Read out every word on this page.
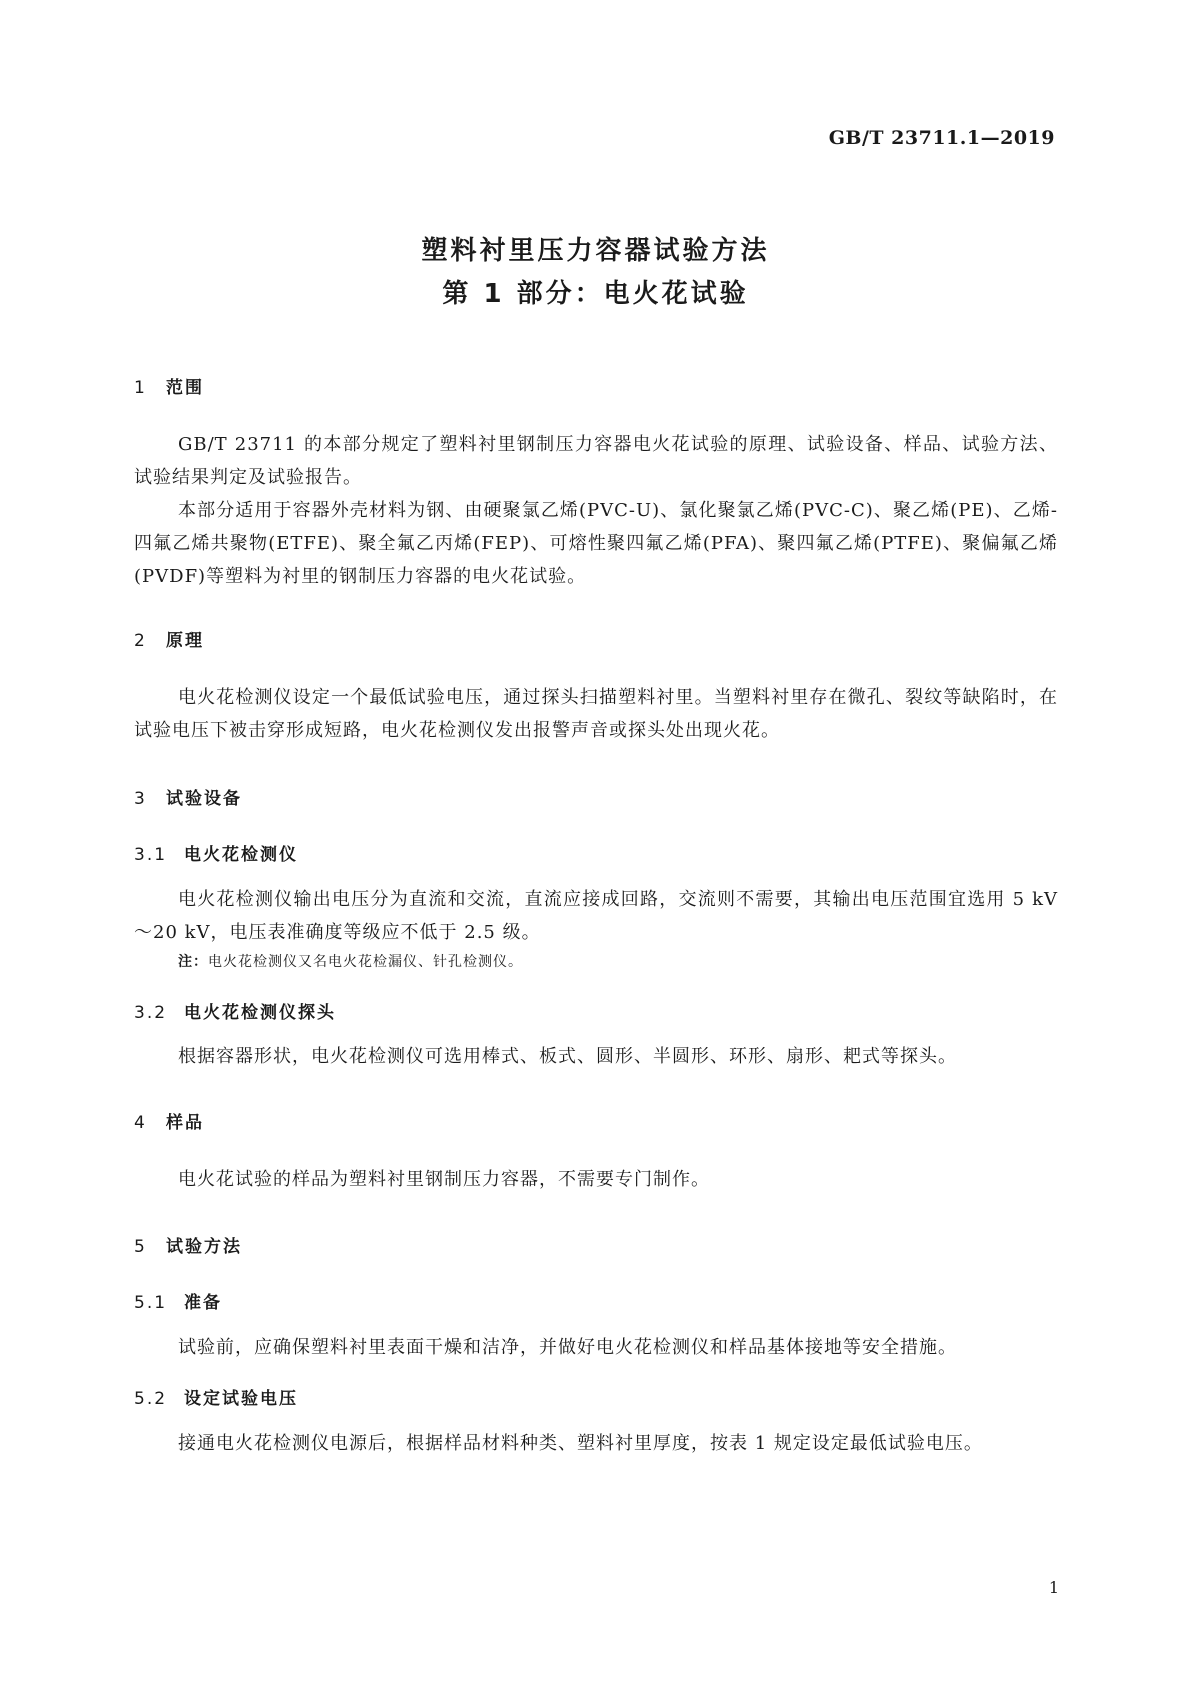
GB/T 23711.1—2019
塑料衬里压力容器试验方法
第 1 部分：电火花试验
1 范围
GB/T 23711 的本部分规定了塑料衬里钢制压力容器电火花试验的原理、试验设备、样品、试验方法、试验结果判定及试验报告。
本部分适用于容器外壳材料为钢、由硬聚氯乙烯(PVC-U)、氯化聚氯乙烯(PVC-C)、聚乙烯(PE)、乙烯-四氟乙烯共聚物(ETFE)、聚全氟乙丙烯(FEP)、可熔性聚四氟乙烯(PFA)、聚四氟乙烯(PTFE)、聚偏氟乙烯(PVDF)等塑料为衬里的钢制压力容器的电火花试验。
2 原理
电火花检测仪设定一个最低试验电压，通过探头扫描塑料衬里。当塑料衬里存在微孔、裂纹等缺陷时，在试验电压下被击穿形成短路，电火花检测仪发出报警声音或探头处出现火花。
3 试验设备
3.1 电火花检测仪
电火花检测仪输出电压分为直流和交流，直流应接成回路，交流则不需要，其输出电压范围宜选用 5 kV～20 kV，电压表准确度等级应不低于 2.5 级。
注：电火花检测仪又名电火花检漏仪、针孔检测仪。
3.2 电火花检测仪探头
根据容器形状，电火花检测仪可选用棒式、板式、圆形、半圆形、环形、扇形、耙式等探头。
4 样品
电火花试验的样品为塑料衬里钢制压力容器，不需要专门制作。
5 试验方法
5.1 准备
试验前，应确保塑料衬里表面干燥和洁净，并做好电火花检测仪和样品基体接地等安全措施。
5.2 设定试验电压
接通电火花检测仪电源后，根据样品材料种类、塑料衬里厚度，按表 1 规定设定最低试验电压。
1
